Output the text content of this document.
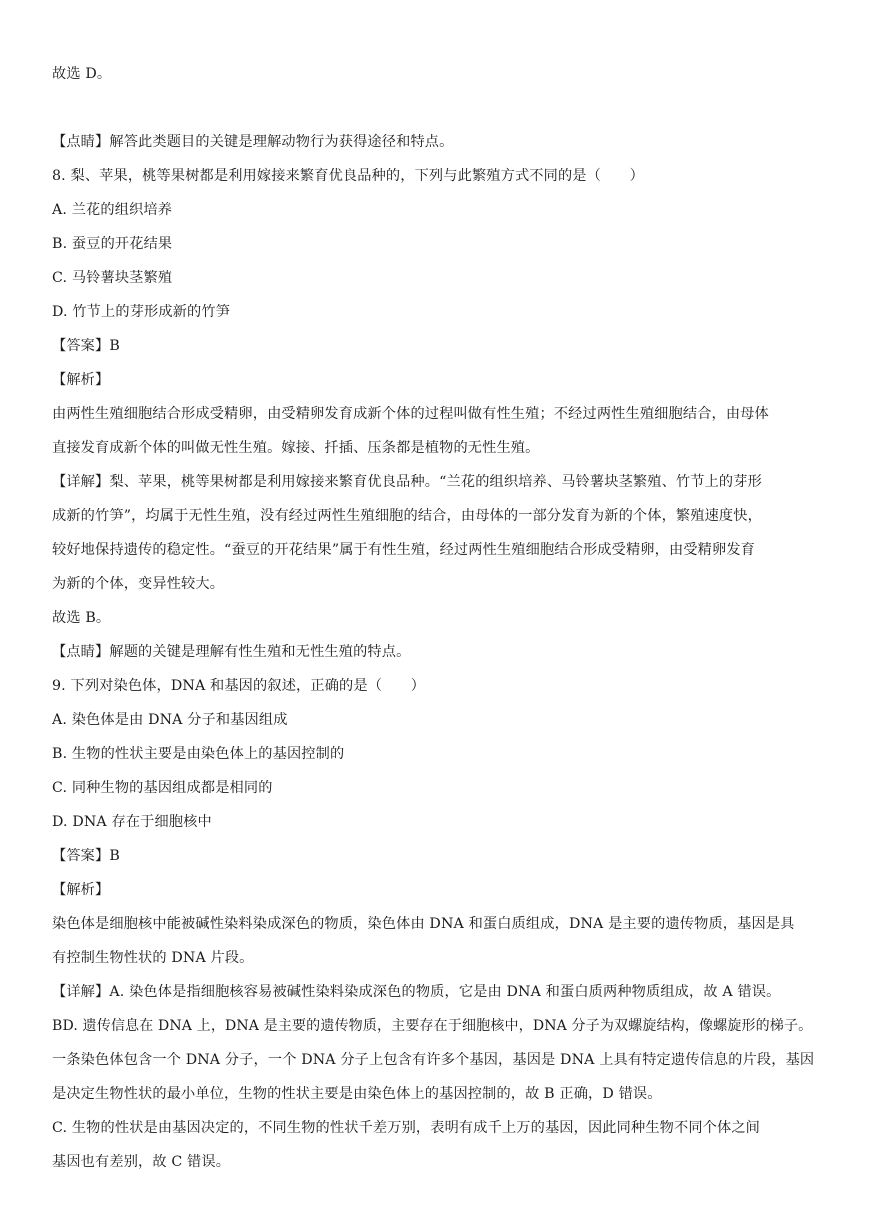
故选 D。
【点睛】解答此类题目的关键是理解动物行为获得途径和特点。
8. 梨、苹果，桃等果树都是利用嫁接来繁育优良品种的，下列与此繁殖方式不同的是（　　）
A. 兰花的组织培养
B. 蚕豆的开花结果
C. 马铃薯块茎繁殖
D. 竹节上的芽形成新的竹笋
【答案】B
【解析】
由两性生殖细胞结合形成受精卵，由受精卵发育成新个体的过程叫做有性生殖；不经过两性生殖细胞结合，由母体
直接发育成新个体的叫做无性生殖。嫁接、扦插、压条都是植物的无性生殖。
【详解】梨、苹果，桃等果树都是利用嫁接来繁育优良品种。“兰花的组织培养、马铃薯块茎繁殖、竹节上的芽形
成新的竹笋”，均属于无性生殖，没有经过两性生殖细胞的结合，由母体的一部分发育为新的个体，繁殖速度快，
较好地保持遗传的稳定性。“蚕豆的开花结果”属于有性生殖，经过两性生殖细胞结合形成受精卵，由受精卵发育
为新的个体，变异性较大。
故选 B。
【点睛】解题的关键是理解有性生殖和无性生殖的特点。
9. 下列对染色体，DNA 和基因的叙述，正确的是（　　）
A. 染色体是由 DNA 分子和基因组成
B. 生物的性状主要是由染色体上的基因控制的
C. 同种生物的基因组成都是相同的
D. DNA 存在于细胞核中
【答案】B
【解析】
染色体是细胞核中能被碱性染料染成深色的物质，染色体由 DNA 和蛋白质组成，DNA 是主要的遗传物质，基因是具
有控制生物性状的 DNA 片段。
【详解】A. 染色体是指细胞核容易被碱性染料染成深色的物质，它是由 DNA 和蛋白质两种物质组成，故 A 错误。
BD. 遗传信息在 DNA 上，DNA 是主要的遗传物质，主要存在于细胞核中，DNA 分子为双螺旋结构，像螺旋形的梯子。
一条染色体包含一个 DNA 分子，一个 DNA 分子上包含有许多个基因，基因是 DNA 上具有特定遗传信息的片段，基因
是决定生物性状的最小单位，生物的性状主要是由染色体上的基因控制的，故 B 正确，D 错误。
C. 生物的性状是由基因决定的，不同生物的性状千差万别，表明有成千上万的基因，因此同种生物不同个体之间
基因也有差别，故 C 错误。
